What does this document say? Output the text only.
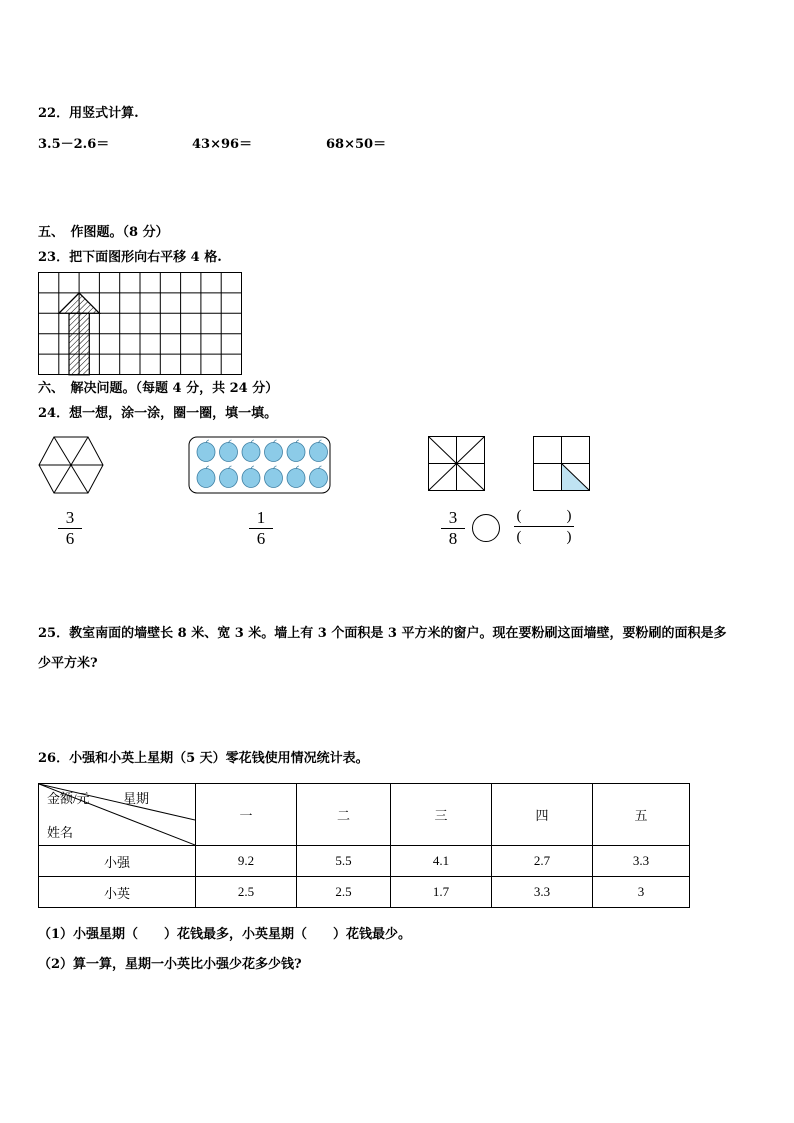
22．用竖式计算.
3.5－2.6＝	43×96＝	68×50＝
五、　作图题。（8 分）
23．把下面图形向右平移 4 格.
六、　解决问题。（每题 4 分，共 24 分）
24．想一想，涂一涂，圈一圈，填一填。
3
6
1
6
3
8
(　　　)
(　　　)
25．教室南面的墙壁长 8 米、宽 3 米。墙上有 3 个面积是 3 平方米的窗户。现在要粉刷这面墙壁，要粉刷的面积是多
少平方米?
26．小强和小英上星期（5 天）零花钱使用情况统计表。
金额/元 星期
姓名	一	二	三	四	五
小强	9.2	5.5	4.1	2.7	3.3
小英	2.5	2.5	1.7	3.3	3
（1）小强星期（　　）花钱最多，小英星期（　　）花钱最少。
（2）算一算，星期一小英比小强少花多少钱?
